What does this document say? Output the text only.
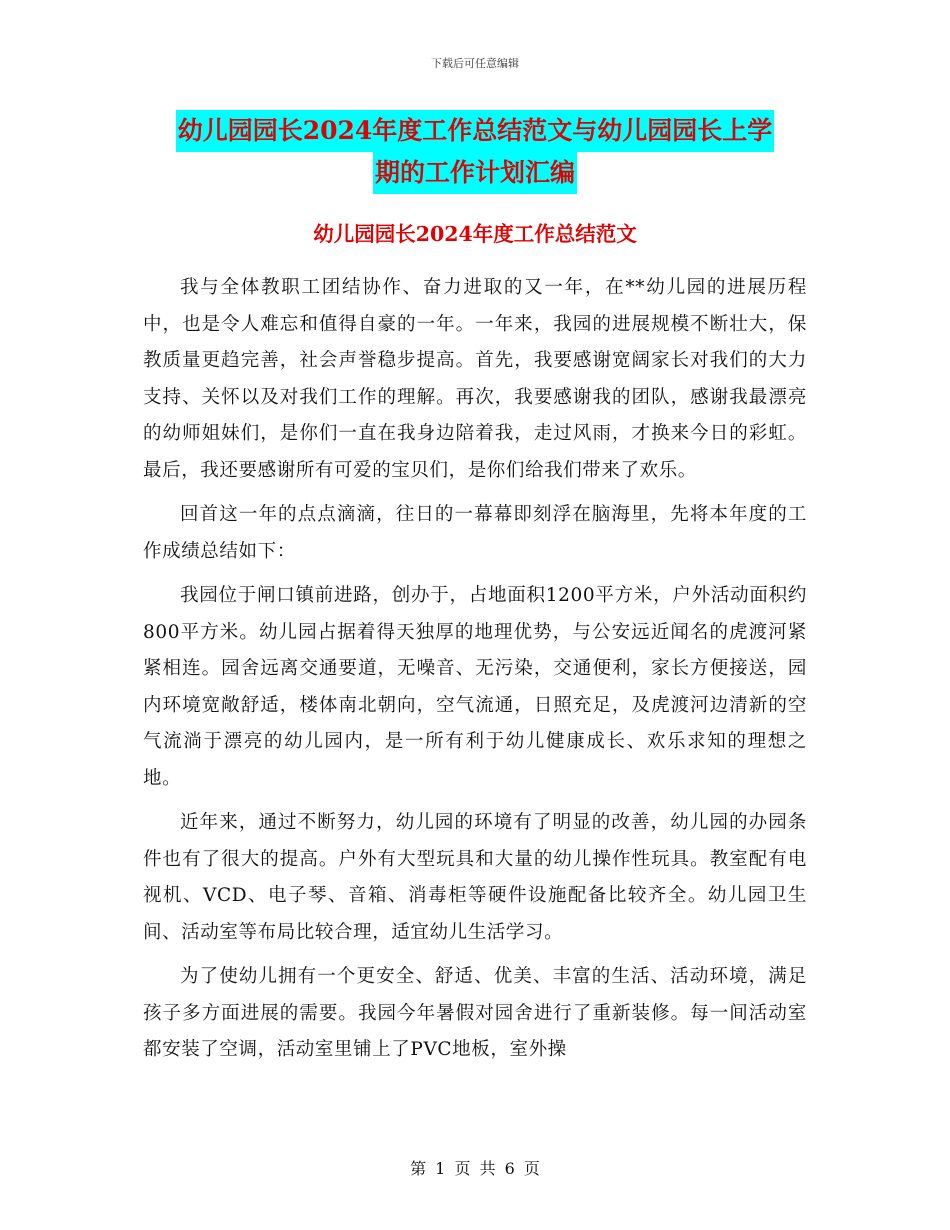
下载后可任意编辑
幼儿园园长2024年度工作总结范文与幼儿园园长上学
期的工作计划汇编
幼儿园园长2024年度工作总结范文

我与全体教职工团结协作、奋力进取的又一年，在**幼儿园的进展历程中，也是令人难忘和值得自豪的一年。一年来，我园的进展规模不断壮大，保教质量更趋完善，社会声誉稳步提高。首先，我要感谢宽阔家长对我们的大力支持、关怀以及对我们工作的理解。再次，我要感谢我的团队，感谢我最漂亮的幼师姐妹们，是你们一直在我身边陪着我，走过风雨，才换来今日的彩虹。最后，我还要感谢所有可爱的宝贝们，是你们给我们带来了欢乐。

回首这一年的点点滴滴，往日的一幕幕即刻浮在脑海里，先将本年度的工作成绩总结如下：

我园位于闸口镇前进路，创办于，占地面积1200平方米，户外活动面积约800平方米。幼儿园占据着得天独厚的地理优势，与公安远近闻名的虎渡河紧紧相连。园舍远离交通要道，无噪音、无污染，交通便利，家长方便接送，园内环境宽敞舒适，楼体南北朝向，空气流通，日照充足，及虎渡河边清新的空气流淌于漂亮的幼儿园内，是一所有利于幼儿健康成长、欢乐求知的理想之地。

近年来，通过不断努力，幼儿园的环境有了明显的改善，幼儿园的办园条件也有了很大的提高。户外有大型玩具和大量的幼儿操作性玩具。教室配有电视机、VCD、电子琴、音箱、消毒柜等硬件设施配备比较齐全。幼儿园卫生间、活动室等布局比较合理，适宜幼儿生活学习。

为了使幼儿拥有一个更安全、舒适、优美、丰富的生活、活动环境，满足孩子多方面进展的需要。我园今年暑假对园舍进行了重新装修。每一间活动室都安装了空调，活动室里铺上了PVC地板，室外操

第 1 页 共 6 页
